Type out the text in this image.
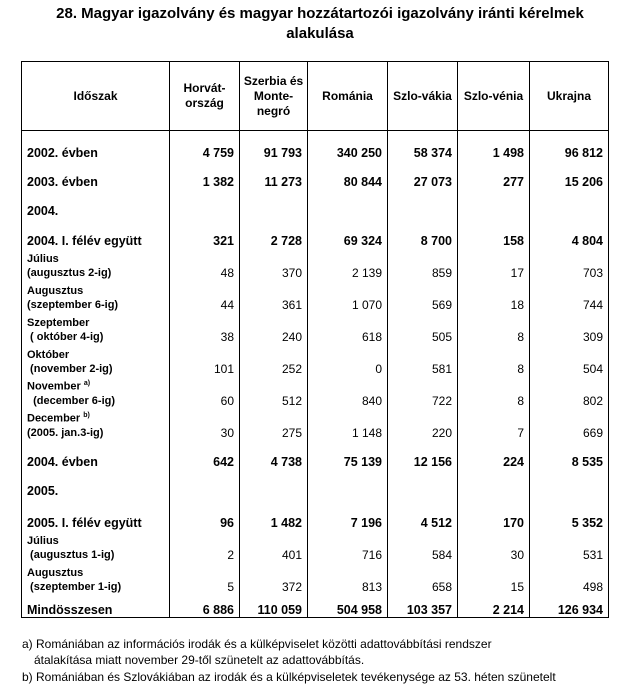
28. Magyar igazolvány és magyar hozzátartozói igazolvány iránti kérelmek alakulása
Időszak	Horvát-ország	Szerbia és Monte-negró	Románia	Szlo-vákia	Szlo-vénia	Ukrajna
2002. évben	4 759	91 793	340 250	58 374	1 498	96 812
2003. évben	1 382	11 273	80 844	27 073	277	15 206
2004.						
2004. I. félév együtt	321	2 728	69 324	8 700	158	4 804
Július
(augusztus 2-ig)	48	370	2 139	859	17	703
Augusztus
(szeptember 6-ig)	44	361	1 070	569	18	744
Szeptember
( október 4-ig)	38	240	618	505	8	309
Október
(november 2-ig)	101	252	0	581	8	504
November $^{a)}$
(december 6-ig)	60	512	840	722	8	802
December $^{b)}$
(2005. jan.3-ig)	30	275	1 148	220	7	669
2004. évben	642	4 738	75 139	12 156	224	8 535
2005.						
2005. I. félév együtt	96	1 482	7 196	4 512	170	5 352
Július
(augusztus 1-ig)	2	401	716	584	30	531
Augusztus
(szeptember 1-ig)	5	372	813	658	15	498
Mindösszesen	6 886	110 059	504 958	103 357	2 214	126 934
a) Romániában az információs irodák és a külképviselet közötti adattovábbítási rendszer
átalakítása miatt november 29-től szünetelt az adattovábbítás.
b) Romániában és Szlovákiában az irodák és a külképviseletek tevékenysége az 53. héten szünetelt
